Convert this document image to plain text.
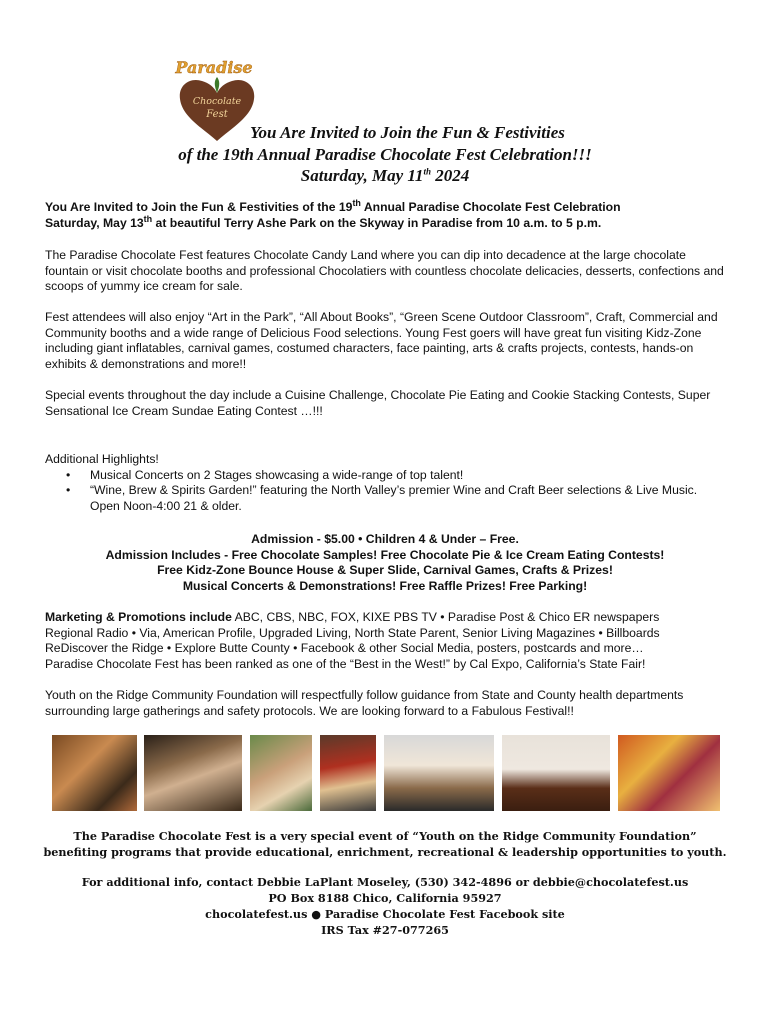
Paradise
Chocolate
Fest
You Are Invited to Join the Fun & Festivities
of the 19th Annual Paradise Chocolate Fest Celebration!!!
Saturday, May 11th 2024
You Are Invited to Join the Fun & Festivities of the 19th Annual Paradise Chocolate Fest Celebration
Saturday, May 13th at beautiful Terry Ashe Park on the Skyway in Paradise from 10 a.m. to 5 p.m.
The Paradise Chocolate Fest features Chocolate Candy Land where you can dip into decadence at the large chocolate fountain or visit chocolate booths and professional Chocolatiers with countless chocolate delicacies, desserts, confections and scoops of yummy ice cream for sale.
Fest attendees will also enjoy “Art in the Park”, “All About Books”, “Green Scene Outdoor Classroom”, Craft, Commercial and Community booths and a wide range of Delicious Food selections. Young Fest goers will have great fun visiting Kidz-Zone including giant inflatables, carnival games, costumed characters, face painting, arts & crafts projects, contests, hands-on exhibits & demonstrations and more!!
Special events throughout the day include a Cuisine Challenge, Chocolate Pie Eating and Cookie Stacking Contests, Super Sensational Ice Cream Sundae Eating Contest …!!!
Additional Highlights!
• Musical Concerts on 2 Stages showcasing a wide-range of top talent!
• “Wine, Brew & Spirits Garden!” featuring the North Valley’s premier Wine and Craft Beer selections & Live Music. Open Noon-4:00 21 & older.
Admission - $5.00 • Children 4 & Under – Free.
Admission Includes - Free Chocolate Samples! Free Chocolate Pie & Ice Cream Eating Contests!
Free Kidz-Zone Bounce House & Super Slide, Carnival Games, Crafts & Prizes!
Musical Concerts & Demonstrations! Free Raffle Prizes! Free Parking!
Marketing & Promotions include ABC, CBS, NBC, FOX, KIXE PBS TV • Paradise Post & Chico ER newspapers
Regional Radio • Via, American Profile, Upgraded Living, North State Parent, Senior Living Magazines • Billboards
ReDiscover the Ridge • Explore Butte County • Facebook & other Social Media, posters, postcards and more…
Paradise Chocolate Fest has been ranked as one of the “Best in the West!” by Cal Expo, California’s State Fair!
Youth on the Ridge Community Foundation will respectfully follow guidance from State and County health departments surrounding large gatherings and safety protocols. We are looking forward to a Fabulous Festival!!
The Paradise Chocolate Fest is a very special event of “Youth on the Ridge Community Foundation”
benefiting programs that provide educational, enrichment, recreational & leadership opportunities to youth.
For additional info, contact Debbie LaPlant Moseley, (530) 342-4896 or debbie@chocolatefest.us
PO Box 8188 Chico, California 95927
chocolatefest.us ● Paradise Chocolate Fest Facebook site
IRS Tax #27-077265
